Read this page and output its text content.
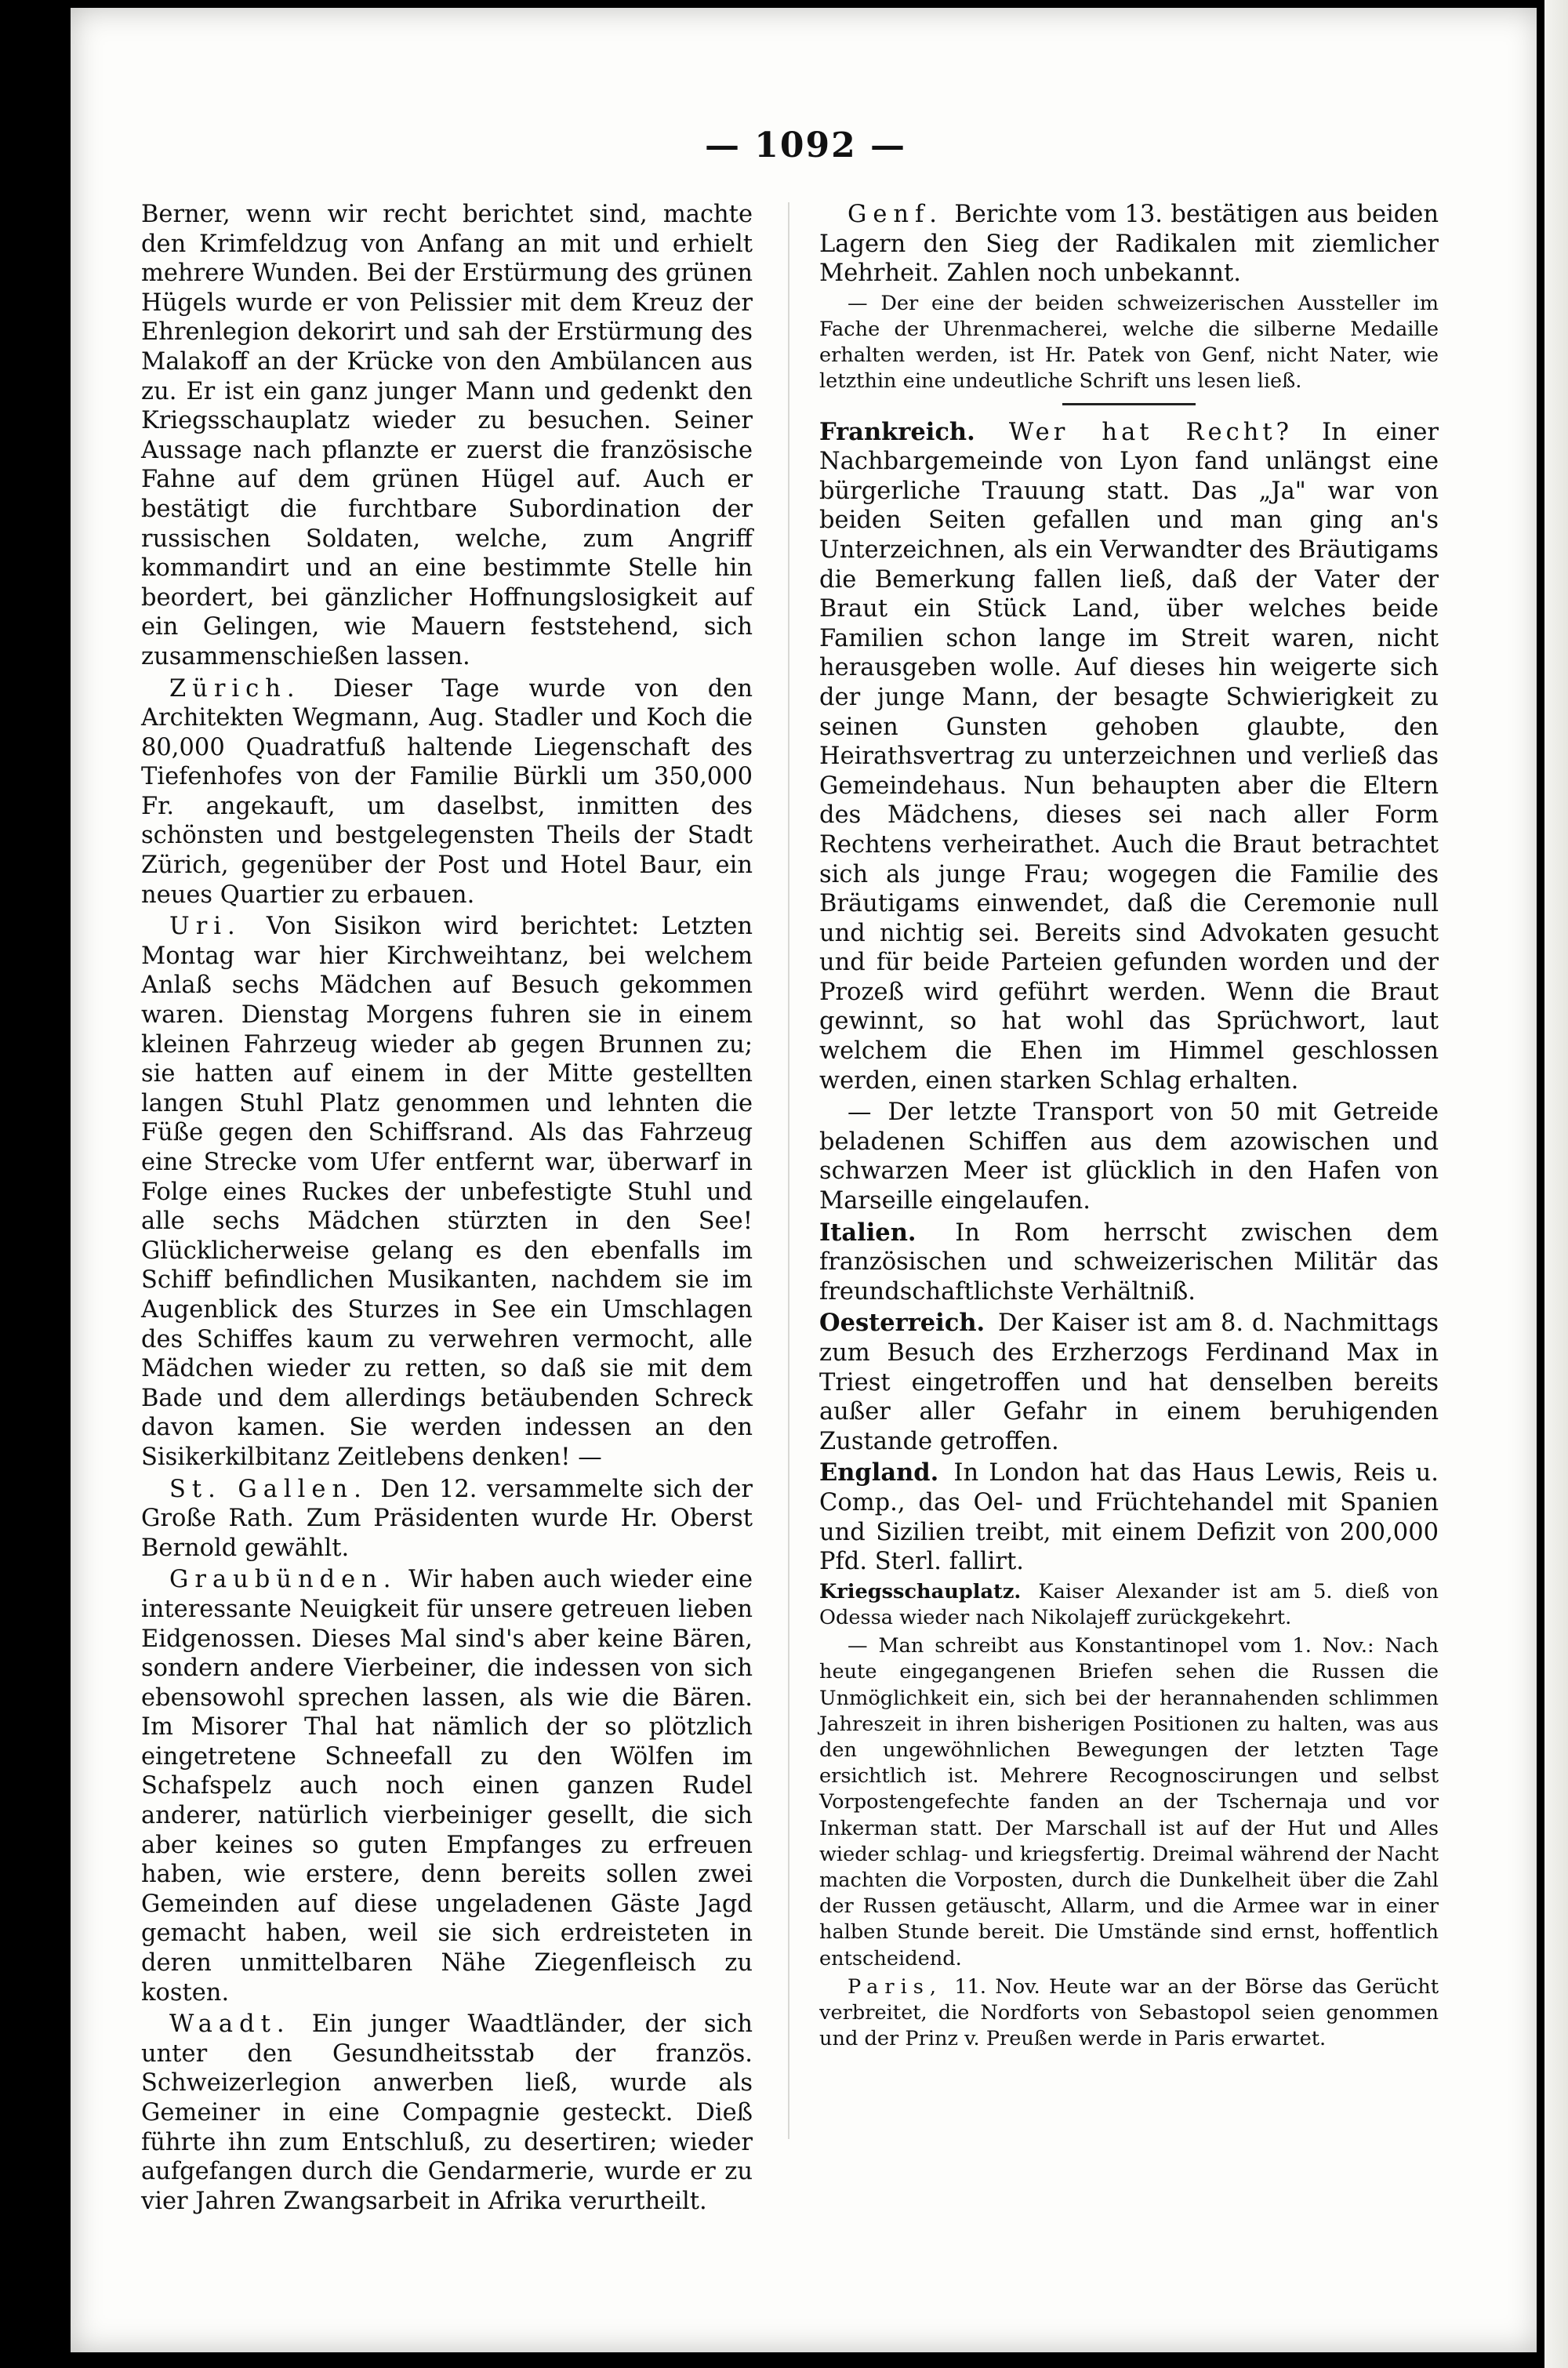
— 1092 —

Berner, wenn wir recht berichtet sind, machte den Krimfeldzug von Anfang an mit und erhielt mehrere Wunden. Bei der Erstürmung des grünen Hügels wurde er von Pelissier mit dem Kreuz der Ehrenlegion dekorirt und sah der Erstürmung des Malakoff an der Krücke von den Ambülancen aus zu. Er ist ein ganz junger Mann und gedenkt den Kriegsschauplatz wieder zu besuchen. Seiner Aussage nach pflanzte er zuerst die französische Fahne auf dem grünen Hügel auf. Auch er bestätigt die furchtbare Subordination der russischen Soldaten, welche, zum Angriff kommandirt und an eine bestimmte Stelle hin beordert, bei gänzlicher Hoffnungslosigkeit auf ein Gelingen, wie Mauern feststehend, sich zusammenschießen lassen.

Zürich. Dieser Tage wurde von den Architekten Wegmann, Aug. Stadler und Koch die 80,000 Quadratfuß haltende Liegenschaft des Tiefenhofes von der Familie Bürkli um 350,000 Fr. angekauft, um daselbst, inmitten des schönsten und bestgelegensten Theils der Stadt Zürich, gegenüber der Post und Hotel Baur, ein neues Quartier zu erbauen.

Uri. Von Sisikon wird berichtet: Letzten Montag war hier Kirchweihtanz, bei welchem Anlaß sechs Mädchen auf Besuch gekommen waren. Dienstag Morgens fuhren sie in einem kleinen Fahrzeug wieder ab gegen Brunnen zu; sie hatten auf einem in der Mitte gestellten langen Stuhl Platz genommen und lehnten die Füße gegen den Schiffsrand. Als das Fahrzeug eine Strecke vom Ufer entfernt war, überwarf in Folge eines Ruckes der unbefestigte Stuhl und alle sechs Mädchen stürzten in den See! Glücklicherweise gelang es den ebenfalls im Schiff befindlichen Musikanten, nachdem sie im Augenblick des Sturzes in See ein Umschlagen des Schiffes kaum zu verwehren vermocht, alle Mädchen wieder zu retten, so daß sie mit dem Bade und dem allerdings betäubenden Schreck davon kamen. Sie werden indessen an den Sisikerkilbitanz Zeitlebens denken! —

St. Gallen. Den 12. versammelte sich der Große Rath. Zum Präsidenten wurde Hr. Oberst Bernold gewählt.

Graubünden. Wir haben auch wieder eine interessante Neuigkeit für unsere getreuen lieben Eidgenossen. Dieses Mal sind's aber keine Bären, sondern andere Vierbeiner, die indessen von sich ebensowohl sprechen lassen, als wie die Bären. Im Misorer Thal hat nämlich der so plötzlich eingetretene Schneefall zu den Wölfen im Schafspelz auch noch einen ganzen Rudel anderer, natürlich vierbeiniger gesellt, die sich aber keines so guten Empfanges zu erfreuen haben, wie erstere, denn bereits sollen zwei Gemeinden auf diese ungeladenen Gäste Jagd gemacht haben, weil sie sich erdreisteten in deren unmittelbaren Nähe Ziegenfleisch zu kosten.

Waadt. Ein junger Waadtländer, der sich unter den Gesundheitsstab der französ. Schweizerlegion anwerben ließ, wurde als Gemeiner in eine Compagnie gesteckt. Dieß führte ihn zum Entschluß, zu desertiren; wieder aufgefangen durch die Gendarmerie, wurde er zu vier Jahren Zwangsarbeit in Afrika verurtheilt.

Genf. Berichte vom 13. bestätigen aus beiden Lagern den Sieg der Radikalen mit ziemlicher Mehrheit. Zahlen noch unbekannt.

— Der eine der beiden schweizerischen Aussteller im Fache der Uhrenmacherei, welche die silberne Medaille erhalten werden, ist Hr. Patek von Genf, nicht Nater, wie letzthin eine undeutliche Schrift uns lesen ließ.

Frankreich. Wer hat Recht? In einer Nachbargemeinde von Lyon fand unlängst eine bürgerliche Trauung statt. Das „Ja" war von beiden Seiten gefallen und man ging an's Unterzeichnen, als ein Verwandter des Bräutigams die Bemerkung fallen ließ, daß der Vater der Braut ein Stück Land, über welches beide Familien schon lange im Streit waren, nicht herausgeben wolle. Auf dieses hin weigerte sich der junge Mann, der besagte Schwierigkeit zu seinen Gunsten gehoben glaubte, den Heirathsvertrag zu unterzeichnen und verließ das Gemeindehaus. Nun behaupten aber die Eltern des Mädchens, dieses sei nach aller Form Rechtens verheirathet. Auch die Braut betrachtet sich als junge Frau; wogegen die Familie des Bräutigams einwendet, daß die Ceremonie null und nichtig sei. Bereits sind Advokaten gesucht und für beide Parteien gefunden worden und der Prozeß wird geführt werden. Wenn die Braut gewinnt, so hat wohl das Sprüchwort, laut welchem die Ehen im Himmel geschlossen werden, einen starken Schlag erhalten.

— Der letzte Transport von 50 mit Getreide beladenen Schiffen aus dem azowischen und schwarzen Meer ist glücklich in den Hafen von Marseille eingelaufen.

Italien. In Rom herrscht zwischen dem französischen und schweizerischen Militär das freundschaftlichste Verhältniß.

Oesterreich. Der Kaiser ist am 8. d. Nachmittags zum Besuch des Erzherzogs Ferdinand Max in Triest eingetroffen und hat denselben bereits außer aller Gefahr in einem beruhigenden Zustande getroffen.

England. In London hat das Haus Lewis, Reis u. Comp., das Oel- und Früchtehandel mit Spanien und Sizilien treibt, mit einem Defizit von 200,000 Pfd. Sterl. fallirt.

Kriegsschauplatz. Kaiser Alexander ist am 5. dieß von Odessa wieder nach Nikolajeff zurückgekehrt.

— Man schreibt aus Konstantinopel vom 1. Nov.: Nach heute eingegangenen Briefen sehen die Russen die Unmöglichkeit ein, sich bei der herannahenden schlimmen Jahreszeit in ihren bisherigen Positionen zu halten, was aus den ungewöhnlichen Bewegungen der letzten Tage ersichtlich ist. Mehrere Recognoscirungen und selbst Vorpostengefechte fanden an der Tschernaja und vor Inkerman statt. Der Marschall ist auf der Hut und Alles wieder schlag- und kriegsfertig. Dreimal während der Nacht machten die Vorposten, durch die Dunkelheit über die Zahl der Russen getäuscht, Allarm, und die Armee war in einer halben Stunde bereit. Die Umstände sind ernst, hoffentlich entscheidend.

Paris, 11. Nov. Heute war an der Börse das Gerücht verbreitet, die Nordforts von Sebastopol seien genommen und der Prinz v. Preußen werde in Paris erwartet.
